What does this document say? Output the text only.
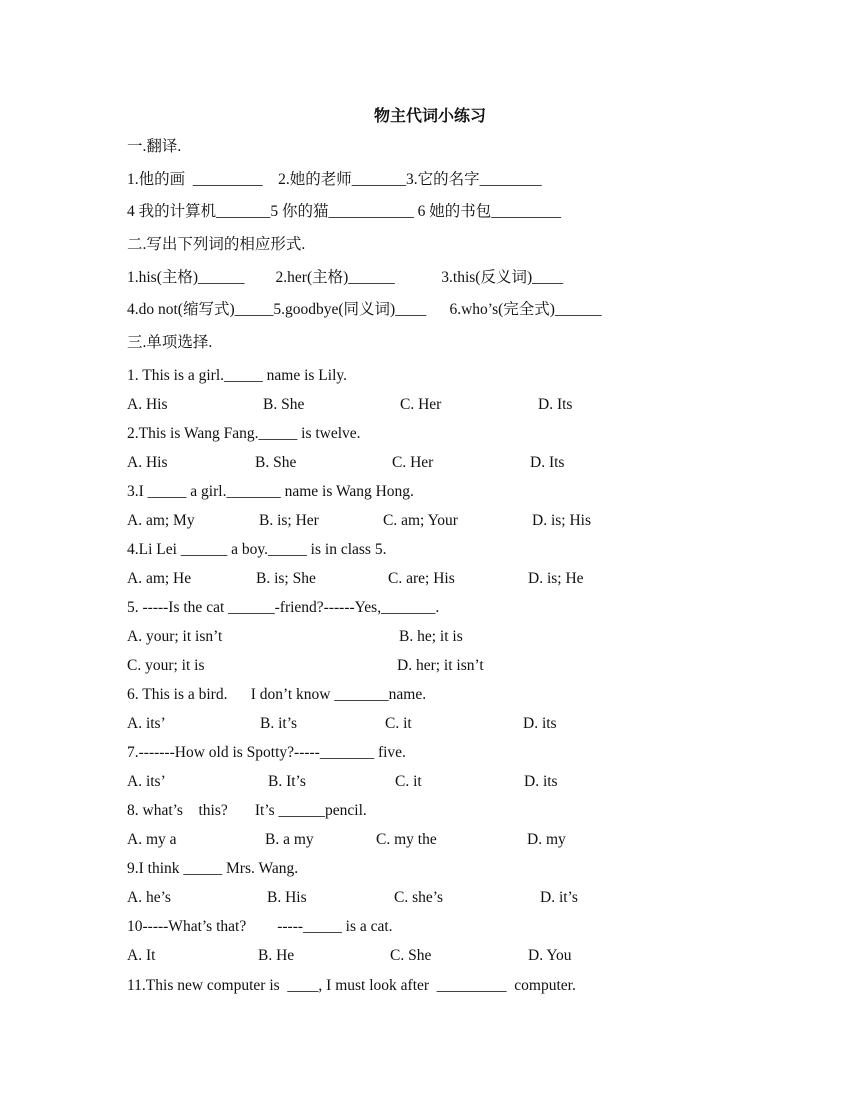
物主代词小练习
一.翻译.
1.他的画  _________    2.她的老师_______3.它的名字________
4 我的计算机_______5 你的猫___________ 6 她的书包_________
二.写出下列词的相应形式.
1.his(主格)______        2.her(主格)______            3.this(反义词)____
4.do not(缩写式)_____5.goodbye(同义词)____      6.who’s(完全式)______
三.单项选择.
1. This is a girl._____ name is Lily.
A. His	B. She	C. Her	D. Its
2.This is Wang Fang._____ is twelve.
A. His	B. She	C. Her	D. Its
3.I _____ a girl._______ name is Wang Hong.
A. am; My	B. is; Her	C. am; Your	D. is; His
4.Li Lei ______ a boy._____ is in class 5.
A. am; He	B. is; She	C. are; His	D. is; He
5. -----Is the cat ______-friend?------Yes,_______.
A. your; it isn’t	B. he; it is
C. your; it is	D. her; it isn’t
6. This is a bird.      I don’t know _______name.
A. its’	B. it’s	C. it	D. its
7.-------How old is Spotty?-----_______ five.
A. its’	B. It’s	C. it	D. its
8. what’s    this?       It’s ______pencil.
A. my a	B. a my	C. my the	D. my
9.I think _____ Mrs. Wang.
A. he’s	B. His	C. she’s	D. it’s
10-----What’s that?        -----_____ is a cat.
A. It	B. He	C. She	D. You
11.This new computer is  ____, I must look after  _________  computer.
